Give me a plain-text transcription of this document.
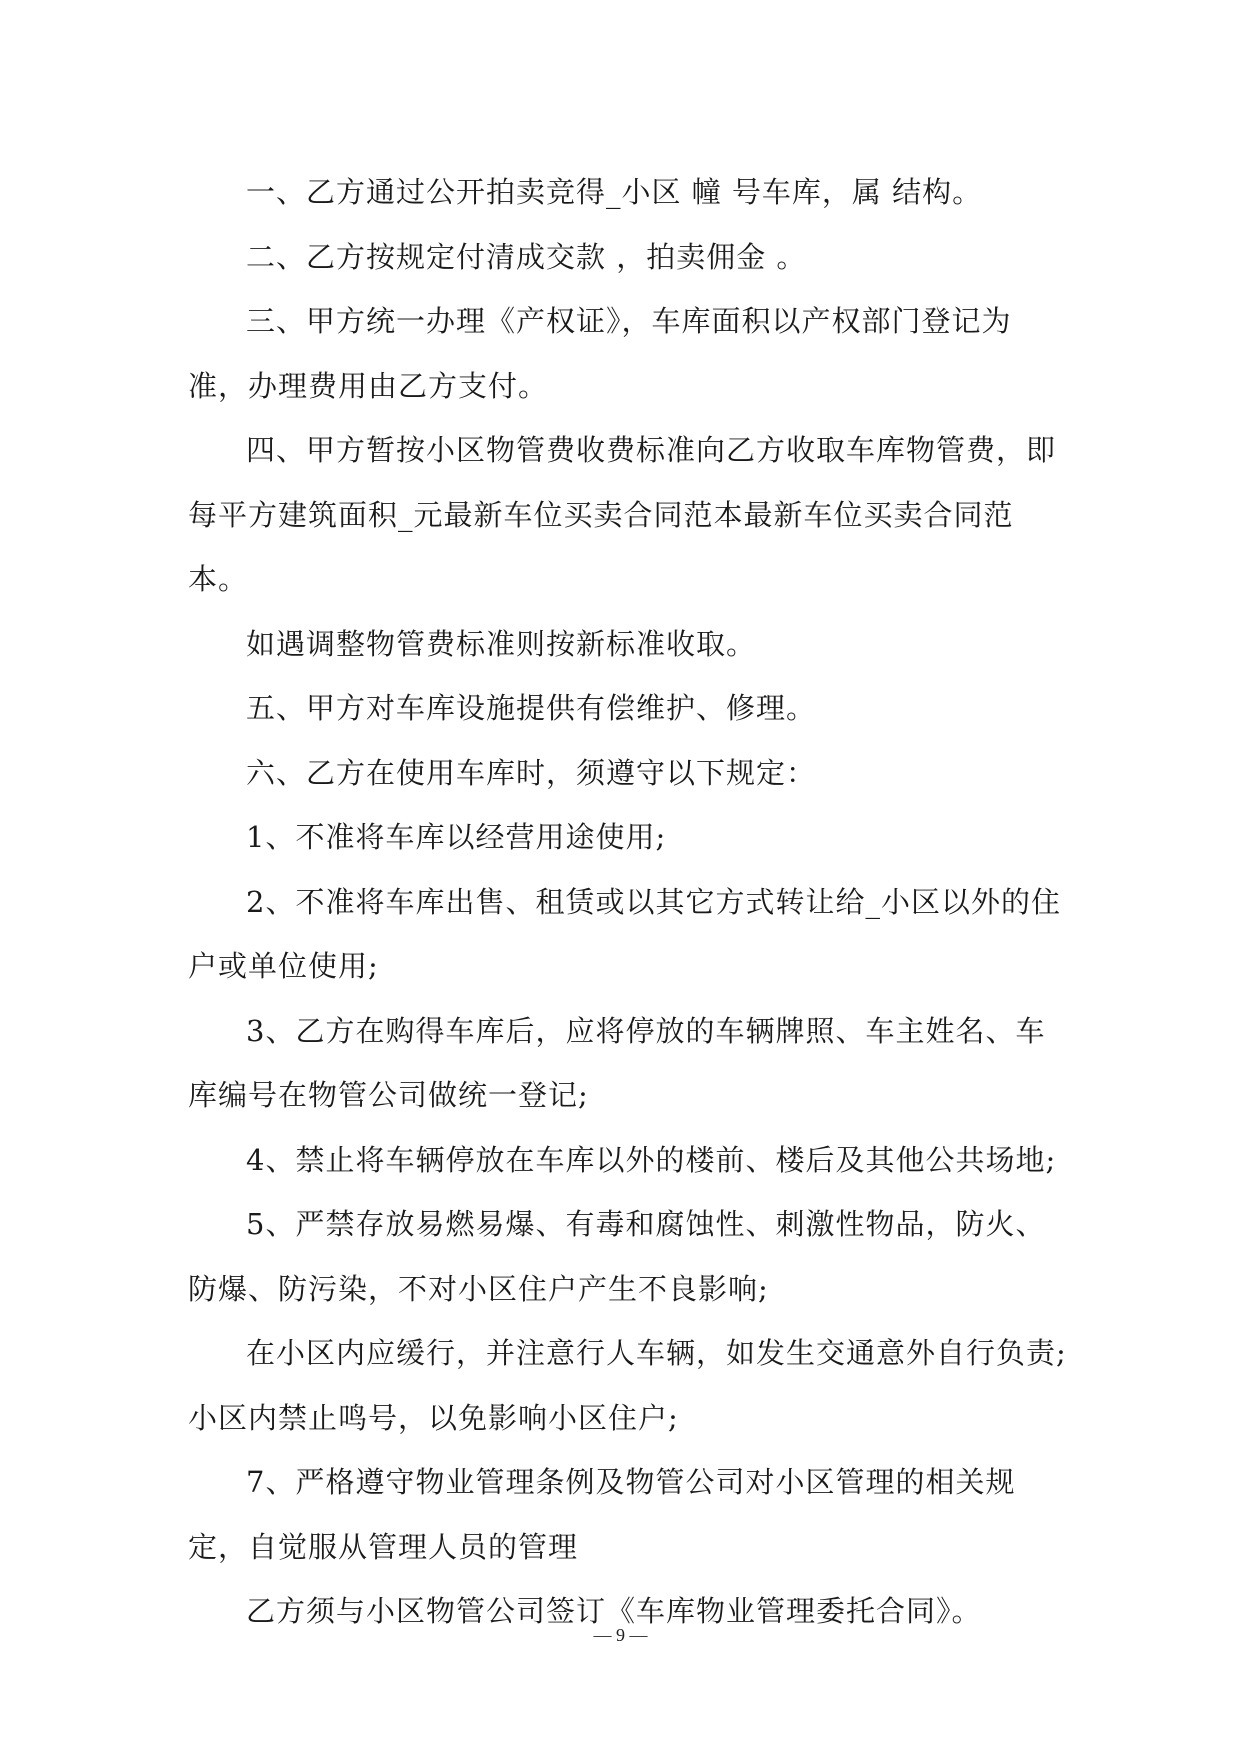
一、乙方通过公开拍卖竞得_小区 幢 号车库，属 结构。

二、乙方按规定付清成交款 ，拍卖佣金 。

三、甲方统一办理《产权证》，车库面积以产权部门登记为准，办理费用由乙方支付。

四、甲方暂按小区物管费收费标准向乙方收取车库物管费，即每平方建筑面积_元最新车位买卖合同范本最新车位买卖合同范本。

如遇调整物管费标准则按新标准收取。

五、甲方对车库设施提供有偿维护、修理。

六、乙方在使用车库时，须遵守以下规定：

1、不准将车库以经营用途使用;

2、不准将车库出售、租赁或以其它方式转让给_小区以外的住户或单位使用;

3、乙方在购得车库后，应将停放的车辆牌照、车主姓名、车库编号在物管公司做统一登记;

4、禁止将车辆停放在车库以外的楼前、楼后及其他公共场地;

5、严禁存放易燃易爆、有毒和腐蚀性、刺激性物品，防火、防爆、防污染，不对小区住户产生不良影响;

在小区内应缓行，并注意行人车辆，如发生交通意外自行负责;小区内禁止鸣号，以免影响小区住户;

7、严格遵守物业管理条例及物管公司对小区管理的相关规定，自觉服从管理人员的管理

乙方须与小区物管公司签订《车库物业管理委托合同》。

— 9 —
